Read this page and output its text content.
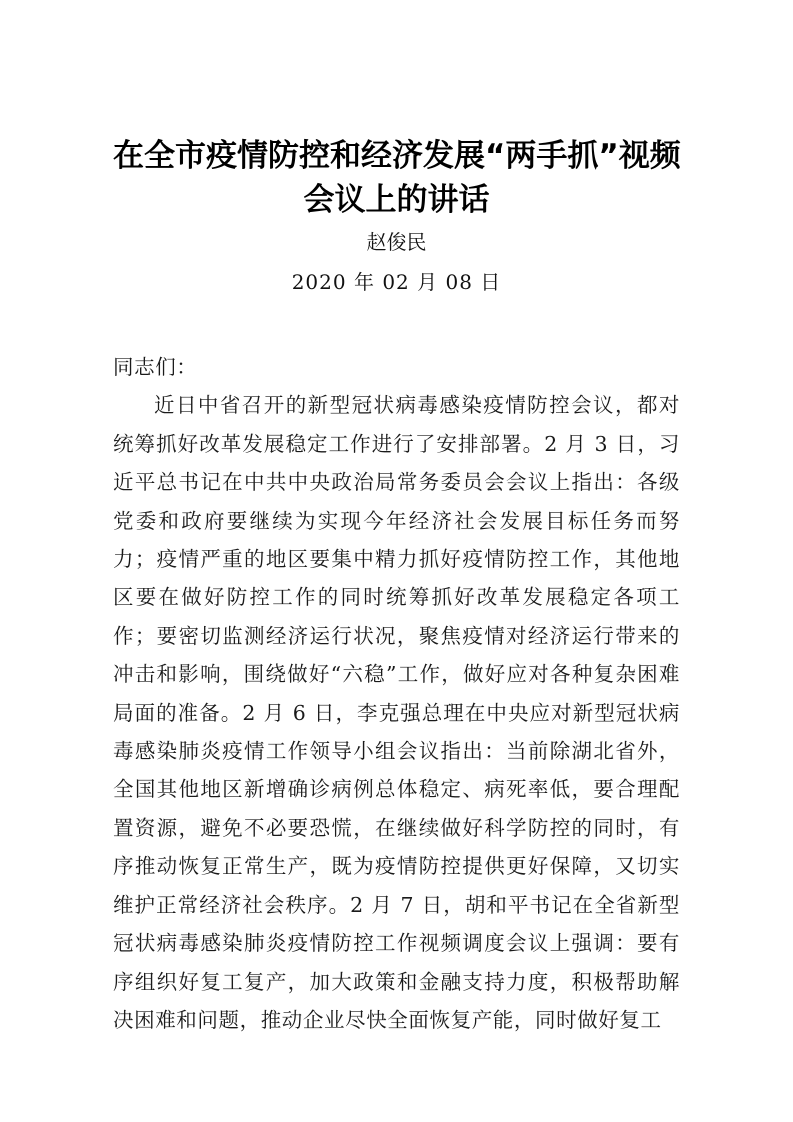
在全市疫情防控和经济发展“两手抓”视频
会议上的讲话
赵俊民
2020 年 02 月 08 日

同志们：

近日中省召开的新型冠状病毒感染疫情防控会议，都对统筹抓好改革发展稳定工作进行了安排部署。2 月 3 日，习近平总书记在中共中央政治局常务委员会会议上指出：各级党委和政府要继续为实现今年经济社会发展目标任务而努力；疫情严重的地区要集中精力抓好疫情防控工作，其他地区要在做好防控工作的同时统筹抓好改革发展稳定各项工作；要密切监测经济运行状况，聚焦疫情对经济运行带来的冲击和影响，围绕做好“六稳”工作，做好应对各种复杂困难局面的准备。2 月 6 日，李克强总理在中央应对新型冠状病毒感染肺炎疫情工作领导小组会议指出：当前除湖北省外，全国其他地区新增确诊病例总体稳定、病死率低，要合理配置资源，避免不必要恐慌，在继续做好科学防控的同时，有序推动恢复正常生产，既为疫情防控提供更好保障，又切实维护正常经济社会秩序。2 月 7 日，胡和平书记在全省新型冠状病毒感染肺炎疫情防控工作视频调度会议上强调：要有序组织好复工复产，加大政策和金融支持力度，积极帮助解决困难和问题，推动企业尽快全面恢复产能，同时做好复工
